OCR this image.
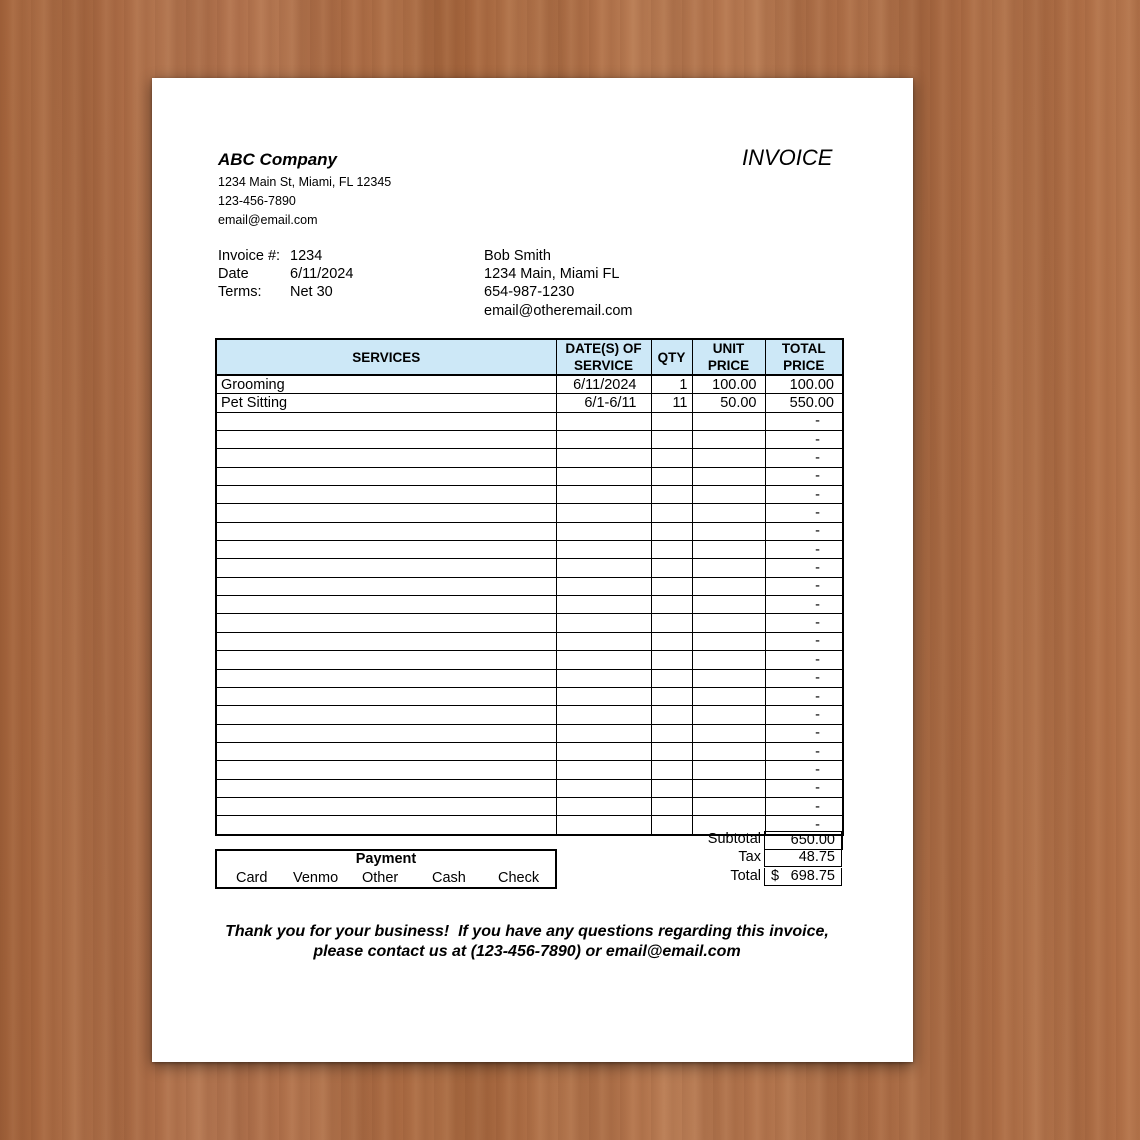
ABC Company
1234 Main St, Miami, FL 12345
123-456-7890
email@email.com
INVOICE
Invoice #: 1234
Date	6/11/2024
Terms: Net 30
Bob Smith
1234 Main, Miami FL
654-987-1230
email@otheremail.com
SERVICES	DATE(S) OF SERVICE	QTY	UNIT PRICE	TOTAL PRICE
Grooming	6/11/2024	1	100.00	100.00
Pet Sitting	6/1-6/11	11	50.00	550.00
				-
				-
				-
				-
				-
				-
				-
				-
				-
				-
				-
				-
				-
				-
				-
				-
				-
				-
				-
				-
				-
				-
				-
Subtotal	650.00
Tax	48.75
Total $ 698.75
Payment
Card Venmo Other Cash Check
Thank you for your business!  If you have any questions regarding this invoice,
please contact us at (123-456-7890) or email@email.com
